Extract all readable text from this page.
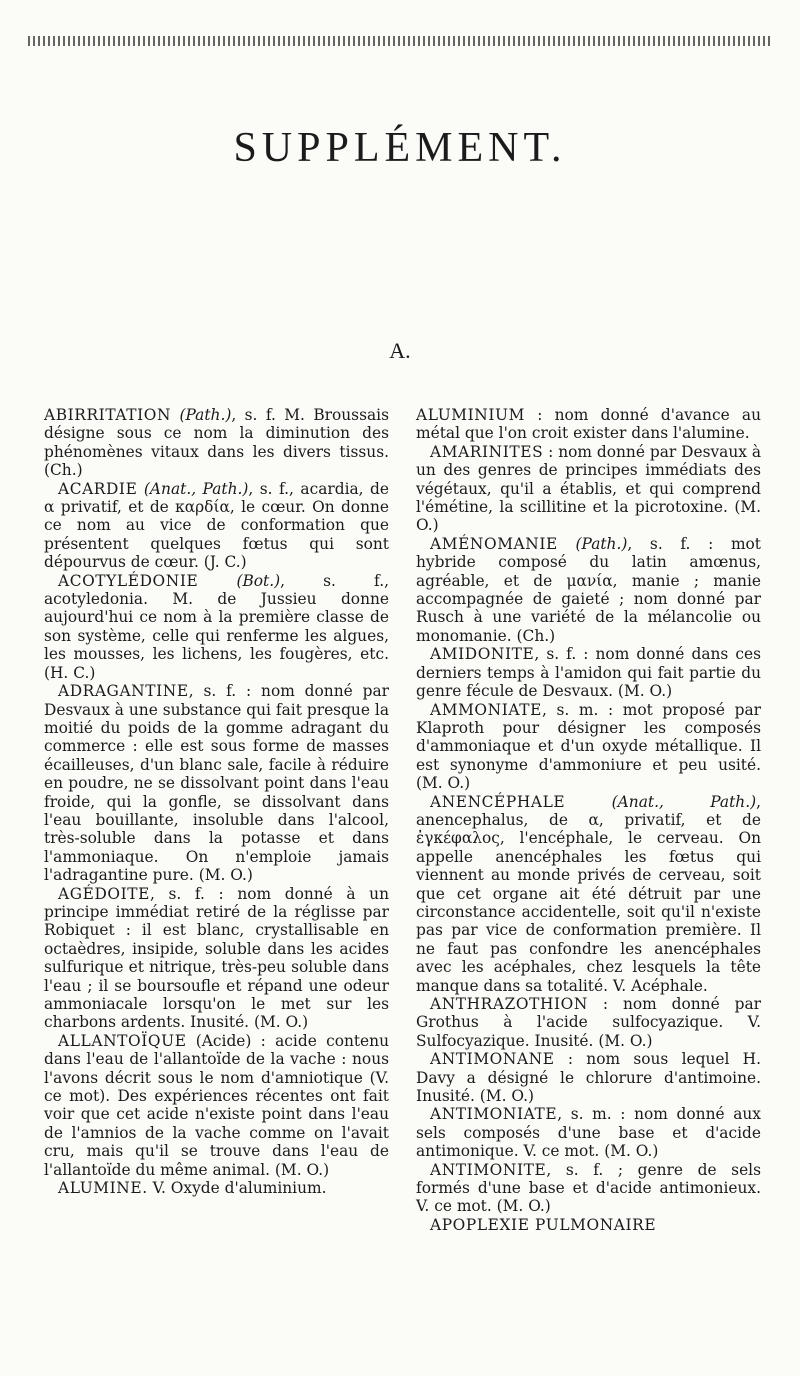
SUPPLÉMENT.
A.

ABIRRITATION (Path.), s. f. M. Broussais désigne sous ce nom la diminution des phénomènes vitaux dans les divers tissus. (Ch.)

ACARDIE (Anat., Path.), s. f., acardia, de α privatif, et de καρδία, le cœur. On donne ce nom au vice de conformation que présentent quelques fœtus qui sont dépourvus de cœur. (J. C.)

ACOTYLÉDONIE (Bot.), s. f., acotyledonia. M. de Jussieu donne aujourd'hui ce nom à la première classe de son système, celle qui renferme les algues, les mousses, les lichens, les fougères, etc. (H. C.)

ADRAGANTINE, s. f. : nom donné par Desvaux à une substance qui fait presque la moitié du poids de la gomme adragant du commerce : elle est sous forme de masses écailleuses, d'un blanc sale, facile à réduire en poudre, ne se dissolvant point dans l'eau froide, qui la gonfle, se dissolvant dans l'eau bouillante, insoluble dans l'alcool, très-soluble dans la potasse et dans l'ammoniaque. On n'emploie jamais l'adragantine pure. (M. O.)

AGÉDOITE, s. f. : nom donné à un principe immédiat retiré de la réglisse par Robiquet : il est blanc, crystallisable en octaèdres, insipide, soluble dans les acides sulfurique et nitrique, très-peu soluble dans l'eau ; il se boursoufle et répand une odeur ammoniacale lorsqu'on le met sur les charbons ardents. Inusité. (M. O.)

ALLANTOÏQUE (Acide) : acide contenu dans l'eau de l'allantoïde de la vache : nous l'avons décrit sous le nom d'amniotique (V. ce mot). Des expériences récentes ont fait voir que cet acide n'existe point dans l'eau de l'amnios de la vache comme on l'avait cru, mais qu'il se trouve dans l'eau de l'allantoïde du même animal. (M. O.)

ALUMINE. V. Oxyde d'aluminium.

ALUMINIUM : nom donné d'avance au métal que l'on croit exister dans l'alumine.

AMARINITES : nom donné par Desvaux à un des genres de principes immédiats des végétaux, qu'il a établis, et qui comprend l'émétine, la scillitine et la picrotoxine. (M. O.)

AMÉNOMANIE (Path.), s. f. : mot hybride composé du latin amœnus, agréable, et de μανία, manie ; manie accompagnée de gaieté ; nom donné par Rusch à une variété de la mélancolie ou monomanie. (Ch.)

AMIDONITE, s. f. : nom donné dans ces derniers temps à l'amidon qui fait partie du genre fécule de Desvaux. (M. O.)

AMMONIATE, s. m. : mot proposé par Klaproth pour désigner les composés d'ammoniaque et d'un oxyde métallique. Il est synonyme d'ammoniure et peu usité. (M. O.)

ANENCÉPHALE	(Anat., Path.), anencephalus, de α, privatif, et de ἐγκέφαλος, l'encéphale, le cerveau. On appelle anencéphales les fœtus qui viennent au monde privés de cerveau, soit que cet organe ait été détruit par une circonstance accidentelle, soit qu'il n'existe pas par vice de conformation première. Il ne faut pas confondre les anencéphales avec les acéphales, chez lesquels la tête manque dans sa totalité. V. Acéphale.

ANTHRAZOTHION : nom donné par Grothus à l'acide sulfocyazique. V. Sulfocyazique. Inusité. (M. O.)

ANTIMONANE : nom sous lequel H. Davy a désigné le chlorure d'antimoine. Inusité. (M. O.)

ANTIMONIATE, s. m. : nom donné aux sels composés d'une base et d'acide antimonique. V. ce mot. (M. O.)

ANTIMONITE, s. f. ; genre de sels formés d'une base et d'acide antimonieux. V. ce mot. (M. O.)

APOPLEXIE PULMONAIRE
